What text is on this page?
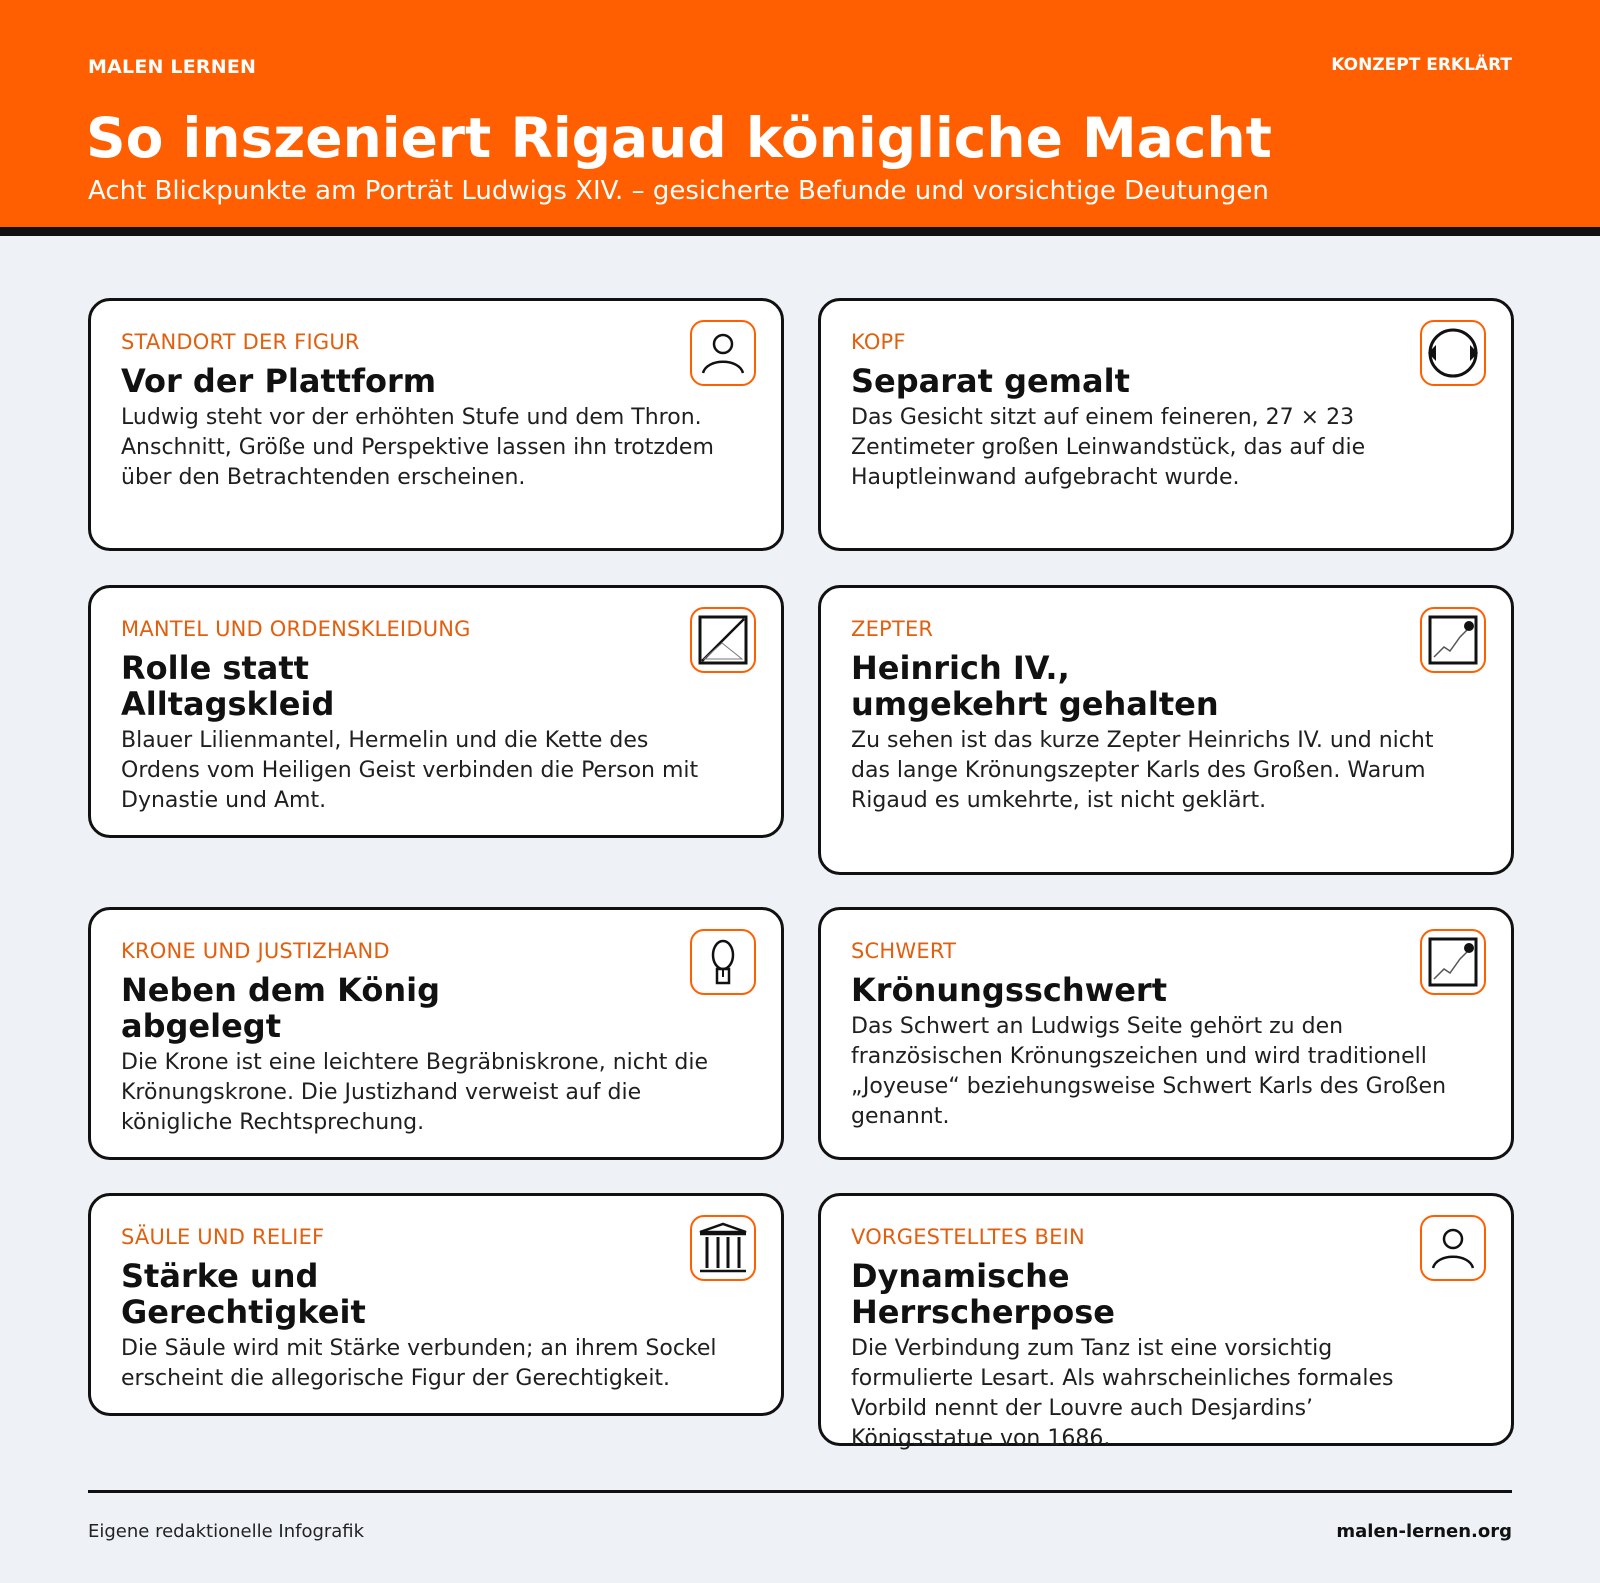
MALEN LERNEN	KONZEPT ERKLÄRT
So inszeniert Rigaud königliche Macht
Acht Blickpunkte am Porträt Ludwigs XIV. – gesicherte Befunde und vorsichtige Deutungen

STANDORT DER FIGUR

Vor der Plattform

Ludwig steht vor der erhöhten Stufe und dem Thron. Anschnitt, Größe und Perspektive lassen ihn trotzdem über den Betrachtenden erscheinen.

KOPF

Separat gemalt

Das Gesicht sitzt auf einem feineren, 27 × 23 Zentimeter großen Leinwandstück, das auf die Hauptleinwand aufgebracht wurde.

MANTEL UND ORDENSKLEIDUNG

Rolle statt Alltagskleid

Blauer Lilienmantel, Hermelin und die Kette des Ordens vom Heiligen Geist verbinden die Person mit Dynastie und Amt.

ZEPTER

Heinrich IV., umgekehrt gehalten

Zu sehen ist das kurze Zepter Heinrichs IV. und nicht das lange Krönungszepter Karls des Großen. Warum Rigaud es umkehrte, ist nicht geklärt.

KRONE UND JUSTIZHAND

Neben dem König abgelegt

Die Krone ist eine leichtere Begräbniskrone, nicht die Krönungskrone. Die Justizhand verweist auf die königliche Rechtsprechung.

SCHWERT

Krönungsschwert

Das Schwert an Ludwigs Seite gehört zu den französischen Krönungszeichen und wird traditionell „Joyeuse“ beziehungsweise Schwert Karls des Großen genannt.

SÄULE UND RELIEF

Stärke und Gerechtigkeit

Die Säule wird mit Stärke verbunden; an ihrem Sockel erscheint die allegorische Figur der Gerechtigkeit.

VORGESTELLTES BEIN

Dynamische Herrscherpose

Die Verbindung zum Tanz ist eine vorsichtig formulierte Lesart. Als wahrscheinliches formales Vorbild nennt der Louvre auch Desjardins’ Königsstatue von 1686.

Eigene redaktionelle Infografik	malen-lernen.org
